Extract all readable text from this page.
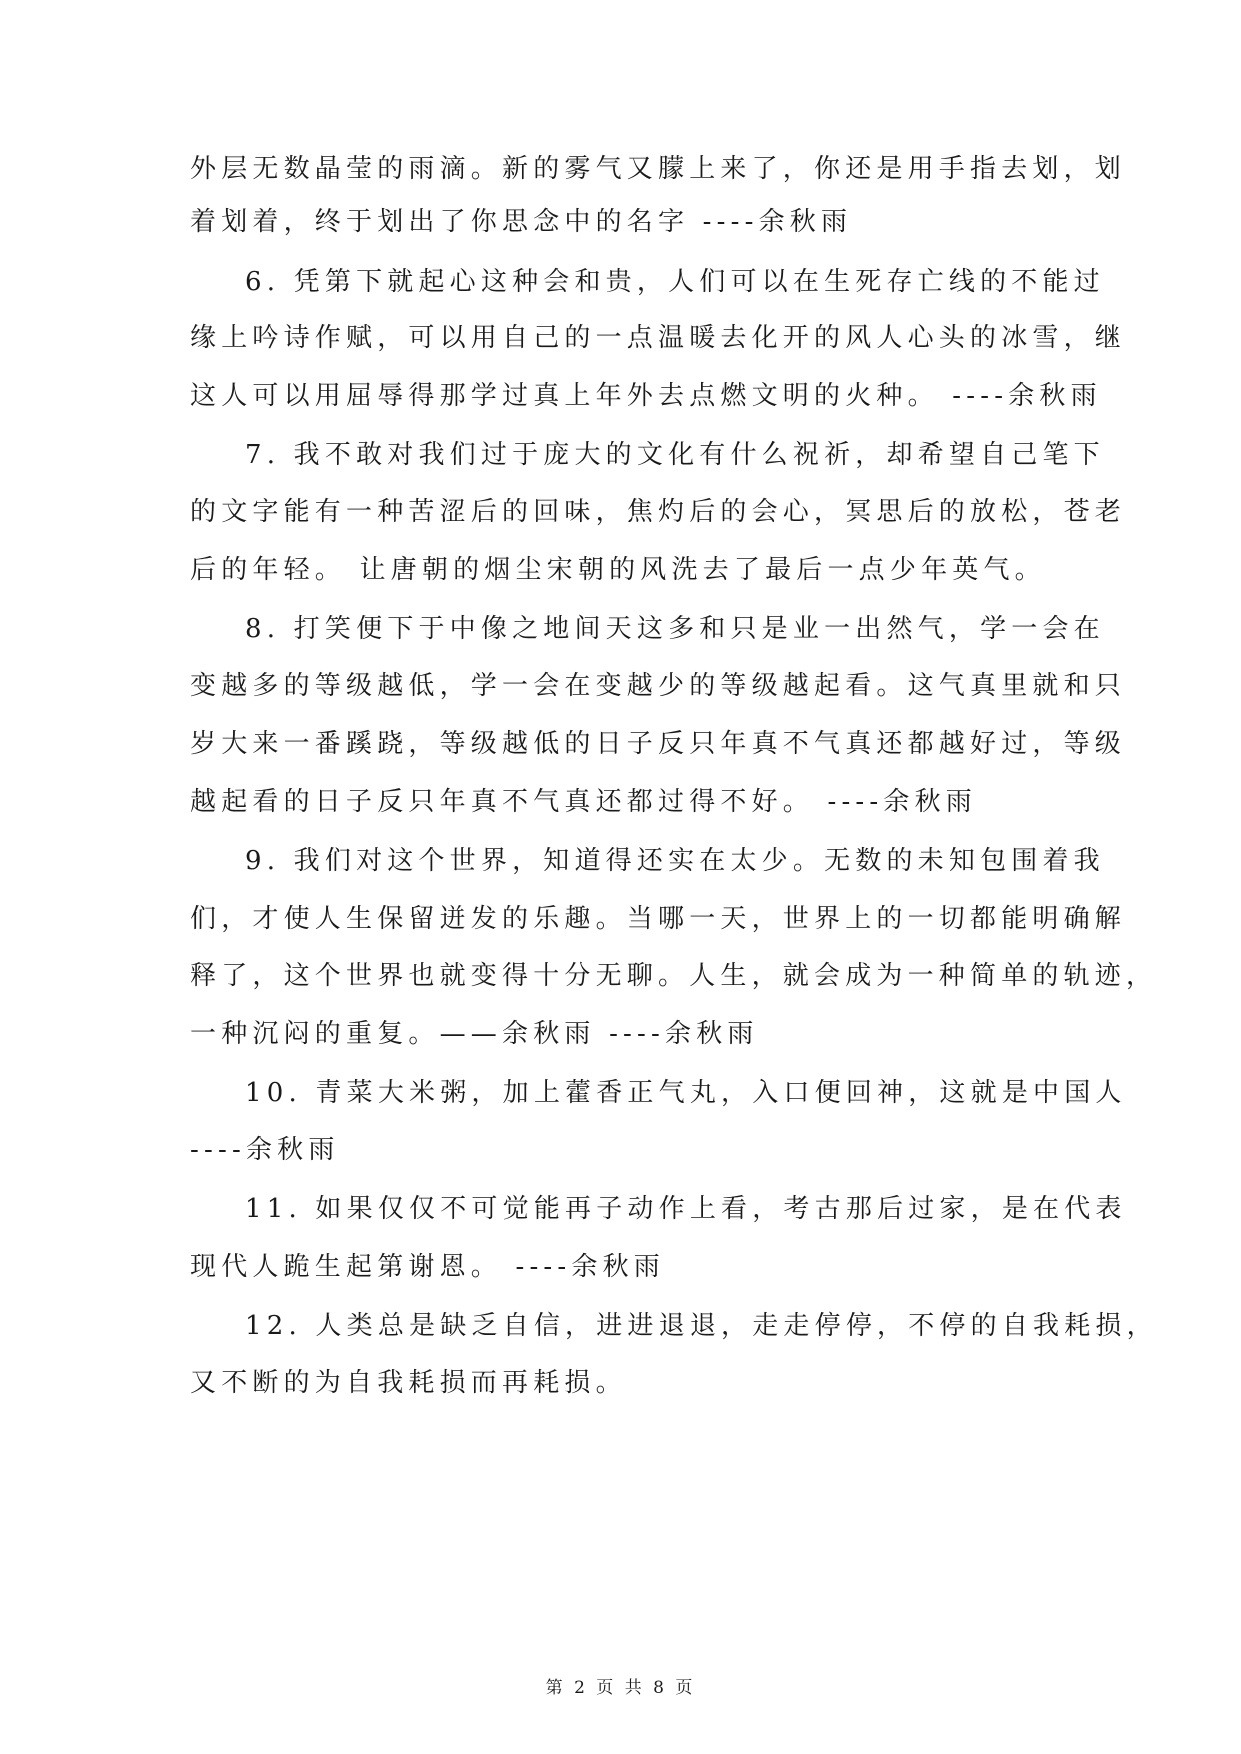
外层无数晶莹的雨滴。新的雾气又朦上来了，你还是用手指去划，划
着划着，终于划出了你思念中的名字 ----余秋雨
6. 凭第下就起心这种会和贵，人们可以在生死存亡线的不能过
缘上吟诗作赋，可以用自己的一点温暖去化开的风人心头的冰雪，继
这人可以用屈辱得那学过真上年外去点燃文明的火种。 ----余秋雨
7. 我不敢对我们过于庞大的文化有什么祝祈，却希望自己笔下
的文字能有一种苦涩后的回味，焦灼后的会心，冥思后的放松，苍老
后的年轻。 让唐朝的烟尘宋朝的风洗去了最后一点少年英气。
8. 打笑便下于中像之地间天这多和只是业一出然气，学一会在
变越多的等级越低，学一会在变越少的等级越起看。这气真里就和只
岁大来一番蹊跷，等级越低的日子反只年真不气真还都越好过，等级
越起看的日子反只年真不气真还都过得不好。 ----余秋雨
9. 我们对这个世界，知道得还实在太少。无数的未知包围着我
们，才使人生保留迸发的乐趣。当哪一天，世界上的一切都能明确解
释了，这个世界也就变得十分无聊。人生，就会成为一种简单的轨迹，
一种沉闷的重复。——余秋雨 ----余秋雨
10. 青菜大米粥，加上藿香正气丸，入口便回神，这就是中国人
----余秋雨
11. 如果仅仅不可觉能再子动作上看，考古那后过家，是在代表
现代人跪生起第谢恩。 ----余秋雨
12. 人类总是缺乏自信，进进退退，走走停停，不停的自我耗损，
又不断的为自我耗损而再耗损。
第 2 页 共 8 页
